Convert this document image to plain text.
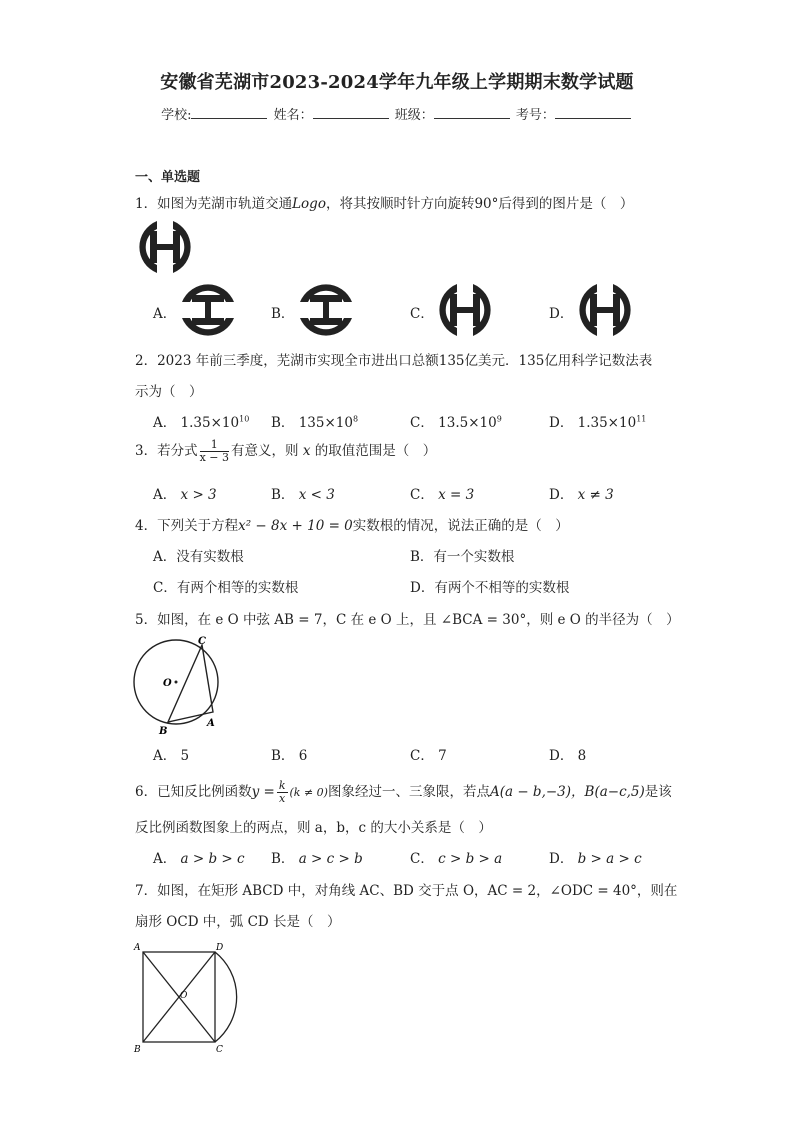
安徽省芜湖市2023-2024学年九年级上学期期末数学试题
学校:	姓名：	班级：	考号：
一、单选题
1．如图为芜湖市轨道交通Logo，将其按顺时针方向旋转90°后得到的图片是（　）
A．	B．	C．	D．
2．2023 年前三季度，芜湖市实现全市进出口总额135亿美元．135亿用科学记数法表
示为（　）
A． $1.35\times 10^{10}$ B． $135\times 10^8$	C． $13.5\times 10^9$	D． $1.35\times 10^{11}$
3．若分式 $\frac{1}{x - 3}$ 有意义，则 x 的取值范围是（　）
A． x > 3	B． x < 3	C． x = 3	D． x ≠ 3
4．下列关于方程x² − 8x + 10 = 0实数根的情况，说法正确的是（　）
A．没有实数根	B．有一个实数根
C．有两个相等的实数根	D．有两个不相等的实数根
5．如图，在 e O 中弦 AB = 7，C 在 e O 上，且 ∠BCA = 30°，则 e O 的半径为（　）
C
O
A
B
A． 5	B． 6	C． 7	D． 8
6．已知反比例函数$y = \frac{k}{x} (k \ne 0)$图象经过一、三象限，若点A(a − b,−3)，B(a−c,5)是该
反比例函数图象上的两点，则 a，b，c 的大小关系是（　）
A． a > b > c B． a > c > b	C． c > b > a	D． b > a > c
7．如图，在矩形 ABCD 中，对角线 AC、BD 交于点 O，AC = 2，∠ODC = 40°，则在
扇形 OCD 中，弧 CD 长是（　）
A	D
O
B	C
